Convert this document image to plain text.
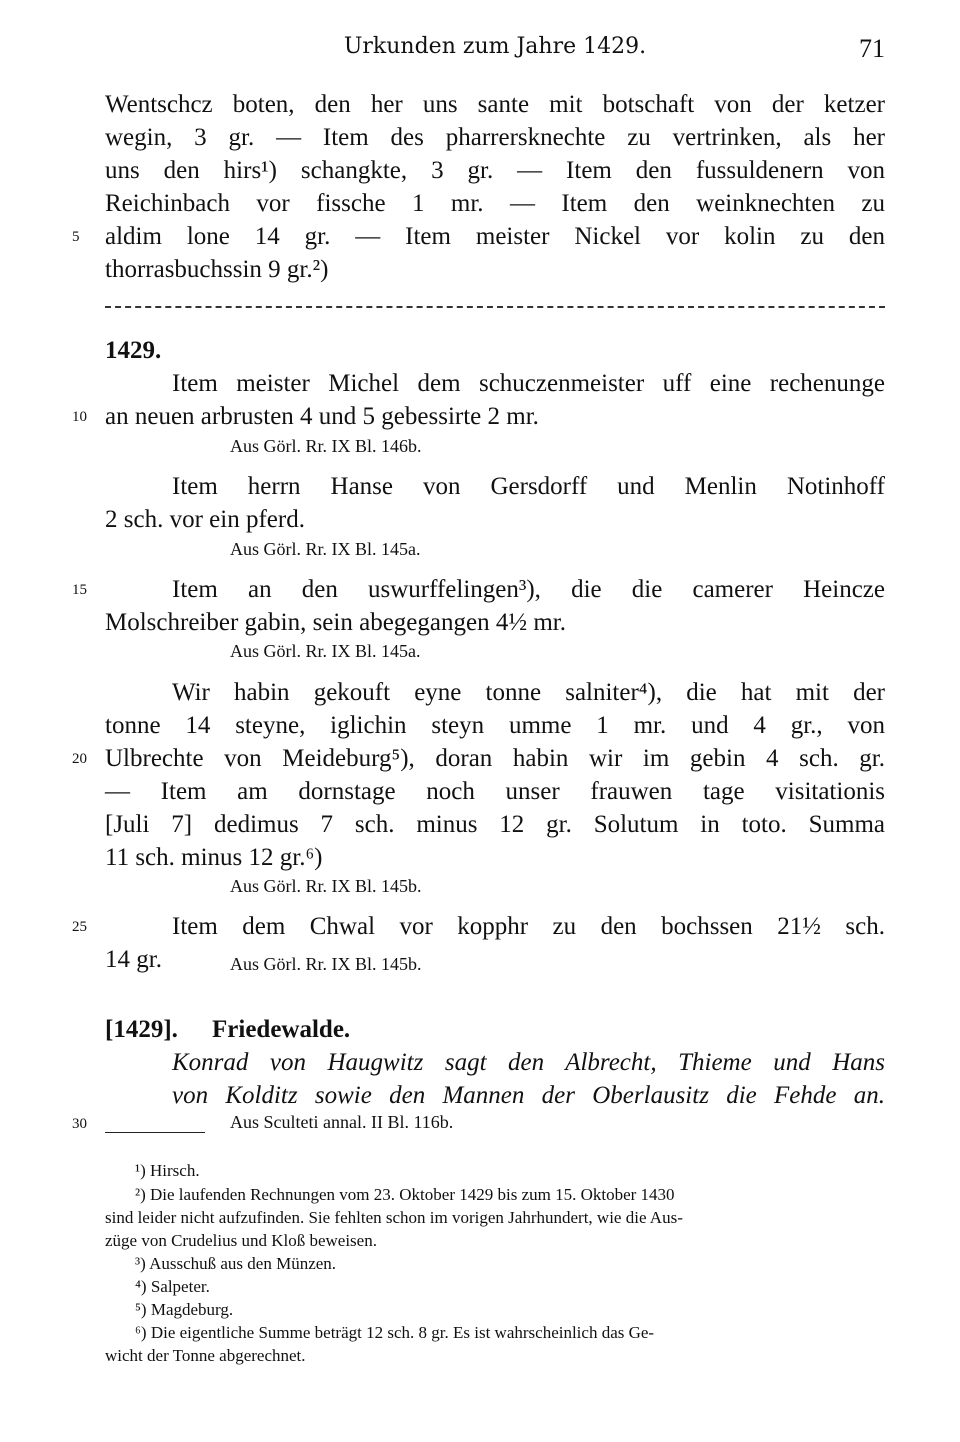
Urkunden zum Jahre 1429.	71
Wentschcz boten, den her uns sante mit botschaft von der ketzer
wegin, 3 gr. — Item des pharrersknechte zu vertrinken, als her
uns den hirs¹) schangkte, 3 gr. — Item den fussuldenern von
Reichinbach vor fissche 1 mr. — Item den weinknechten zu
aldim lone 14 gr. — Item meister Nickel vor kolin zu den
thorrasbuchssin 9 gr.²)
5
1429.
Item meister Michel dem schuczenmeister uff eine rechenunge
an neuen arbrusten 4 und 5 gebessirte 2 mr.
10
Aus Görl. Rr. IX Bl. 146b.
Item herrn Hanse von Gersdorff und Menlin Notinhoff
2 sch. vor ein pferd.
Aus Görl. Rr. IX Bl. 145a.
Item an den uswurffelingen³), die die camerer Heincze
Molschreiber gabin, sein abegegangen 4½ mr.
15
Aus Görl. Rr. IX Bl. 145a.
Wir habin gekouft eyne tonne salniter⁴), die hat mit der
tonne 14 steyne, iglichin steyn umme 1 mr. und 4 gr., von
Ulbrechte von Meideburg⁵), doran habin wir im gebin 4 sch. gr.
— Item am dornstage noch unser frauwen tage visitationis
[Juli 7] dedimus 7 sch. minus 12 gr. Solutum in toto. Summa
11 sch. minus 12 gr.⁶)
20
Aus Görl. Rr. IX Bl. 145b.
Item dem Chwal vor kopphr zu den bochssen 21½ sch.
14 gr.
25
Aus Görl. Rr. IX Bl. 145b.
[1429].	Friedewalde.
Konrad von Haugwitz sagt den Albrecht, Thieme und Hans
von Kolditz sowie den Mannen der Oberlausitz die Fehde an.
Aus Sculteti annal. II Bl. 116b.
30
¹) Hirsch.
²) Die laufenden Rechnungen vom 23. Oktober 1429 bis zum 15. Oktober 1430
sind leider nicht aufzufinden. Sie fehlten schon im vorigen Jahrhundert, wie die Aus-
züge von Crudelius und Kloß beweisen.
³) Ausschuß aus den Münzen.
⁴) Salpeter.
⁵) Magdeburg.
⁶) Die eigentliche Summe beträgt 12 sch. 8 gr. Es ist wahrscheinlich das Ge-
wicht der Tonne abgerechnet.
